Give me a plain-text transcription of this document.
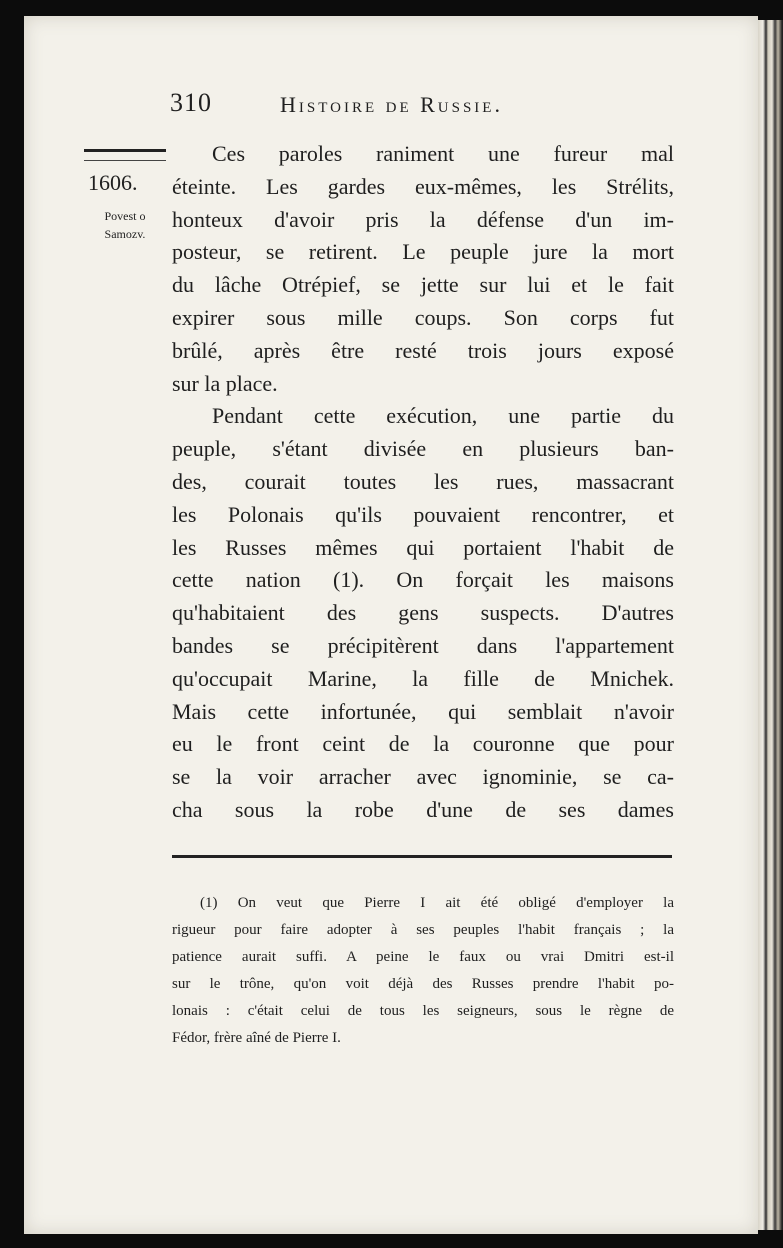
310	Histoire de Russie.
1606.
Povest o
Samozv.
Ces paroles raniment une fureur mal
éteinte. Les gardes eux-mêmes, les Strélits,
honteux d'avoir pris la défense d'un im-
posteur, se retirent. Le peuple jure la mort
du lâche Otrépief, se jette sur lui et le fait
expirer sous mille coups. Son corps fut
brûlé, après être resté trois jours exposé
sur la place.
Pendant cette exécution, une partie du
peuple, s'étant divisée en plusieurs ban-
des, courait toutes les rues, massacrant
les Polonais qu'ils pouvaient rencontrer, et
les Russes mêmes qui portaient l'habit de
cette nation (1). On forçait les maisons
qu'habitaient des gens suspects. D'autres
bandes se précipitèrent dans l'appartement
qu'occupait Marine, la fille de Mnichek.
Mais cette infortunée, qui semblait n'avoir
eu le front ceint de la couronne que pour
se la voir arracher avec ignominie, se ca-
cha sous la robe d'une de ses dames
(1) On veut que Pierre I ait été obligé d'employer la
rigueur pour faire adopter à ses peuples l'habit français ; la
patience aurait suffi. A peine le faux ou vrai Dmitri est-il
sur le trône, qu'on voit déjà des Russes prendre l'habit po-
lonais : c'était celui de tous les seigneurs, sous le règne de
Fédor, frère aîné de Pierre I.
